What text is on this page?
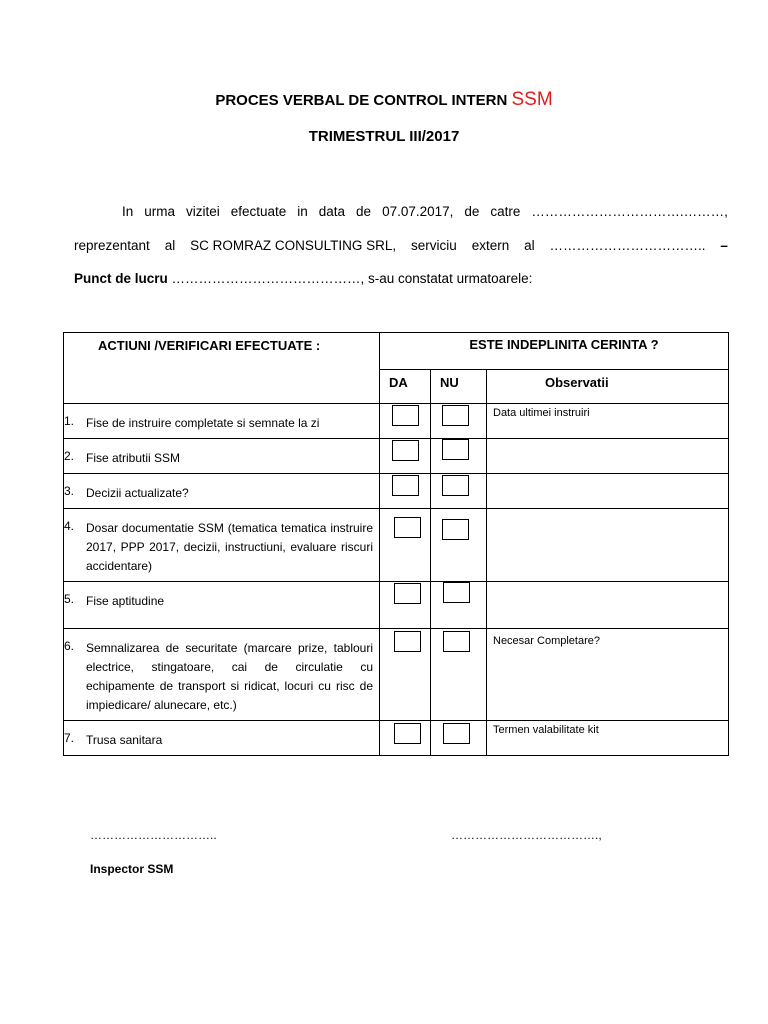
PROCES VERBAL DE CONTROL INTERN SSM
TRIMESTRUL III/2017
In urma vizitei efectuate in data de 07.07.2017, de catre …………………………….………,
reprezentant al SC ROMRAZ CONSULTING SRL, serviciu extern al …………………………….. –
Punct de lucru ……………………………………, s-au constatat urmatoarele:
ACTIUNI /VERIFICARI EFECTUATE :	ESTE INDEPLINITA CERINTA ?		

	DA	NU	Observatii

1. Fise de instruire completate si semnate la zi			Data ultimei instruiri

2. Fise atributii SSM			

3. Decizii actualizate?			

4. Dosar documentatie SSM (tematica tematica instruire 2017, PPP 2017, decizii, instructiuni, evaluare riscuri accidentare)			

5. Fise aptitudine			

6. Semnalizarea de securitate (marcare prize, tablouri electrice, stingatoare, cai de circulatie cu echipamente de transport si ridicat, locuri cu risc de impiedicare/ alunecare, etc.)			Necesar Completare?

7. Trusa sanitara			Termen valabilitate kit
…………………………..	……………………………….,
Inspector SSM
